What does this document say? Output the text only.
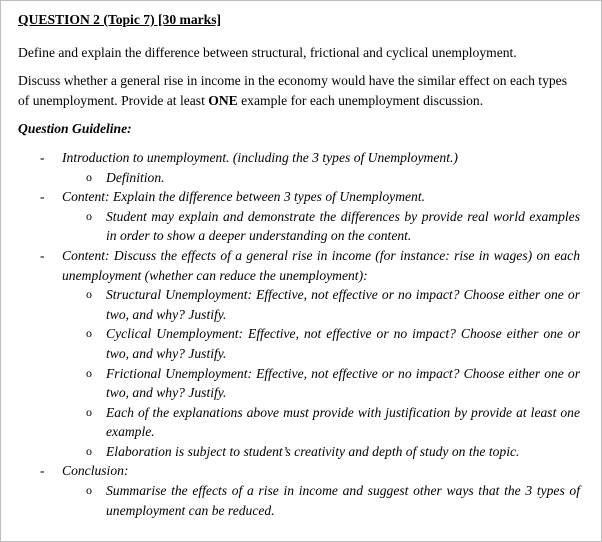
QUESTION 2 (Topic 7) [30 marks]
Define and explain the difference between structural, frictional and cyclical unemployment.
Discuss whether a general rise in income in the economy would have the similar effect on each types of unemployment. Provide at least ONE example for each unemployment discussion.
Question Guideline:
- Introduction to unemployment. (including the 3 types of Unemployment.)
o Definition.
- Content: Explain the difference between 3 types of Unemployment.
o Student may explain and demonstrate the differences by provide real world examples in order to show a deeper understanding on the content.
- Content: Discuss the effects of a general rise in income (for instance: rise in wages) on each unemployment (whether can reduce the unemployment):
o Structural Unemployment: Effective, not effective or no impact? Choose either one or two, and why? Justify.
o Cyclical Unemployment: Effective, not effective or no impact? Choose either one or two, and why? Justify.
o Frictional Unemployment: Effective, not effective or no impact? Choose either one or two, and why? Justify.
o Each of the explanations above must provide with justification by provide at least one example.
o Elaboration is subject to student’s creativity and depth of study on the topic.
- Conclusion:
o Summarise the effects of a rise in income and suggest other ways that the 3 types of unemployment can be reduced.
